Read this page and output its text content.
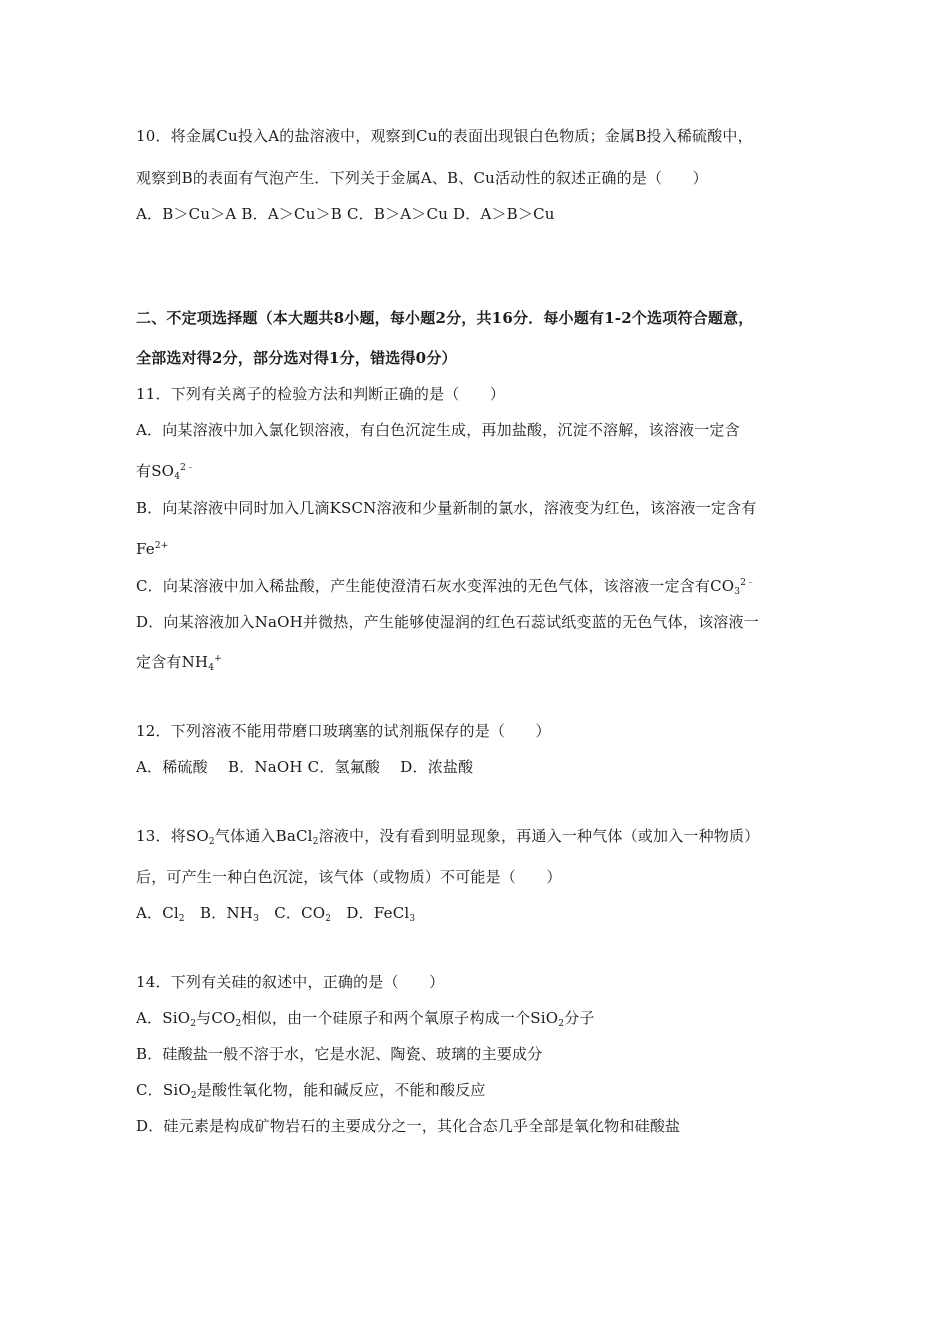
10．将金属Cu投入A的盐溶液中，观察到Cu的表面出现银白色物质；金属B投入稀硫酸中，
观察到B的表面有气泡产生．下列关于金属A、B、Cu活动性的叙述正确的是（　　）
A．B＞Cu＞A B．A＞Cu＞B C．B＞A＞Cu D．A＞B＞Cu
二、不定项选择题（本大题共8小题，每小题2分，共16分．每小题有1-2个选项符合题意，
全部选对得2分，部分选对得1分，错选得0分）
11．下列有关离子的检验方法和判断正确的是（　　）
A．向某溶液中加入氯化钡溶液，有白色沉淀生成，再加盐酸，沉淀不溶解，该溶液一定含
有$SO_4^{2﹣}$
B．向某溶液中同时加入几滴KSCN溶液和少量新制的氯水，溶液变为红色，该溶液一定含有
$Fe^{2+}$
C．向某溶液中加入稀盐酸，产生能使澄清石灰水变浑浊的无色气体，该溶液一定含有$CO_3^{2﹣}$
D．向某溶液加入NaOH并微热，产生能够使湿润的红色石蕊试纸变蓝的无色气体，该溶液一
定含有$NH_4^+$
12．下列溶液不能用带磨口玻璃塞的试剂瓶保存的是（　　）
A．稀硫酸　 B．NaOH C．氢氟酸　 D．浓盐酸
13．将$SO_2$气体通入BaCl$_2$溶液中，没有看到明显现象，再通入一种气体（或加入一种物质）
后，可产生一种白色沉淀，该气体（或物质）不可能是（　　）
A．$Cl_2$　B．$NH_3$　C．$CO_2$　D．FeCl$_3$
14．下列有关硅的叙述中，正确的是（　　）
A．SiO$_2$与$CO_2$相似，由一个硅原子和两个氧原子构成一个SiO$_2$分子
B．硅酸盐一般不溶于水，它是水泥、陶瓷、玻璃的主要成分
C．SiO$_2$是酸性氧化物，能和碱反应，不能和酸反应
D．硅元素是构成矿物岩石的主要成分之一，其化合态几乎全部是氧化物和硅酸盐
